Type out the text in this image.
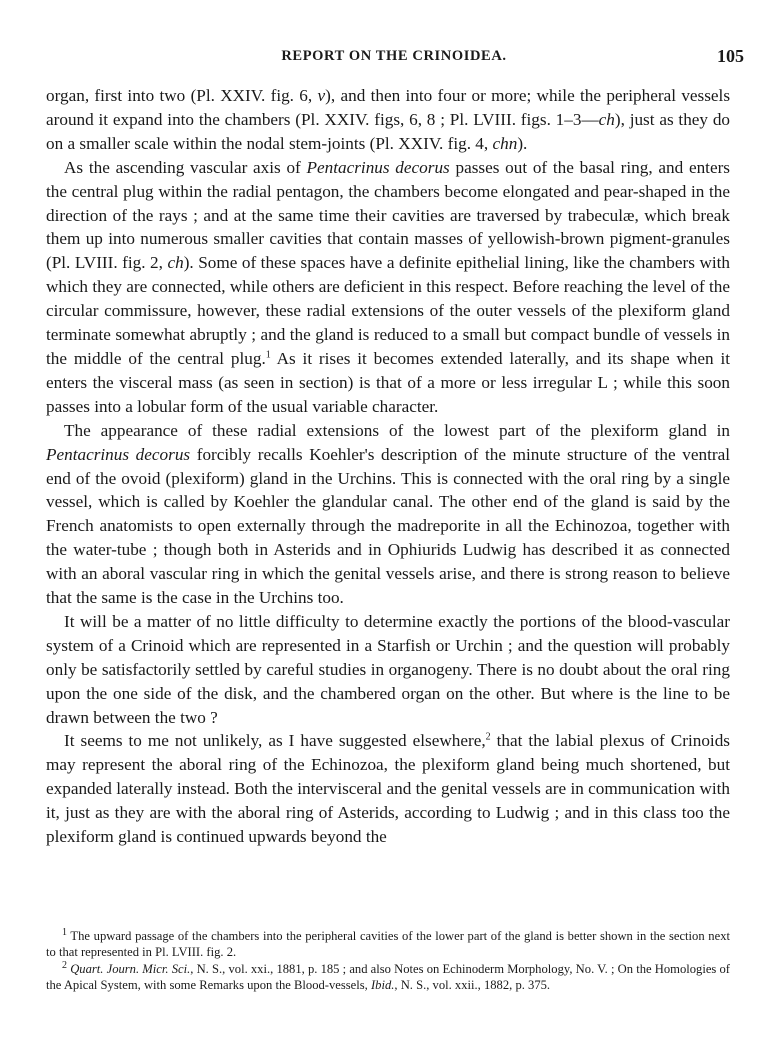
REPORT ON THE CRINOIDEA.	105

organ, first into two (Pl. XXIV. fig. 6, v), and then into four or more; while the peripheral vessels around it expand into the chambers (Pl. XXIV. figs, 6, 8 ; Pl. LVIII. figs. 1–3—ch), just as they do on a smaller scale within the nodal stem-joints (Pl. XXIV. fig. 4, chn).

As the ascending vascular axis of Pentacrinus decorus passes out of the basal ring, and enters the central plug within the radial pentagon, the chambers become elongated and pear-shaped in the direction of the rays ; and at the same time their cavities are traversed by trabeculæ, which break them up into numerous smaller cavities that contain masses of yellowish-brown pigment-granules (Pl. LVIII. fig. 2, ch). Some of these spaces have a definite epithelial lining, like the chambers with which they are connected, while others are deficient in this respect. Before reaching the level of the circular commissure, however, these radial extensions of the outer vessels of the plexiform gland terminate somewhat abruptly ; and the gland is reduced to a small but compact bundle of vessels in the middle of the central plug.$^1$ As it rises it becomes extended laterally, and its shape when it enters the visceral mass (as seen in section) is that of a more or less irregular L ; while this soon passes into a lobular form of the usual variable character.

The appearance of these radial extensions of the lowest part of the plexiform gland in Pentacrinus decorus forcibly recalls Koehler's description of the minute structure of the ventral end of the ovoid (plexiform) gland in the Urchins. This is connected with the oral ring by a single vessel, which is called by Koehler the glandular canal. The other end of the gland is said by the French anatomists to open externally through the madreporite in all the Echinozoa, together with the water-tube ; though both in Asterids and in Ophiurids Ludwig has described it as connected with an aboral vascular ring in which the genital vessels arise, and there is strong reason to believe that the same is the case in the Urchins too.

It will be a matter of no little difficulty to determine exactly the portions of the blood-vascular system of a Crinoid which are represented in a Starfish or Urchin ; and the question will probably only be satisfactorily settled by careful studies in organogeny. There is no doubt about the oral ring upon the one side of the disk, and the chambered organ on the other. But where is the line to be drawn between the two ?

It seems to me not unlikely, as I have suggested elsewhere,$^2$ that the labial plexus of Crinoids may represent the aboral ring of the Echinozoa, the plexiform gland being much shortened, but expanded laterally instead. Both the intervisceral and the genital vessels are in communication with it, just as they are with the aboral ring of Asterids, according to Ludwig ; and in this class too the plexiform gland is continued upwards beyond the

$^1$ The upward passage of the chambers into the peripheral cavities of the lower part of the gland is better shown in the section next to that represented in Pl. LVIII. fig. 2.

$^2$ Quart. Journ. Micr. Sci., N. S., vol. xxi., 1881, p. 185 ; and also Notes on Echinoderm Morphology, No. V. ; On the Homologies of the Apical System, with some Remarks upon the Blood-vessels, Ibid., N. S., vol. xxii., 1882, p. 375.
